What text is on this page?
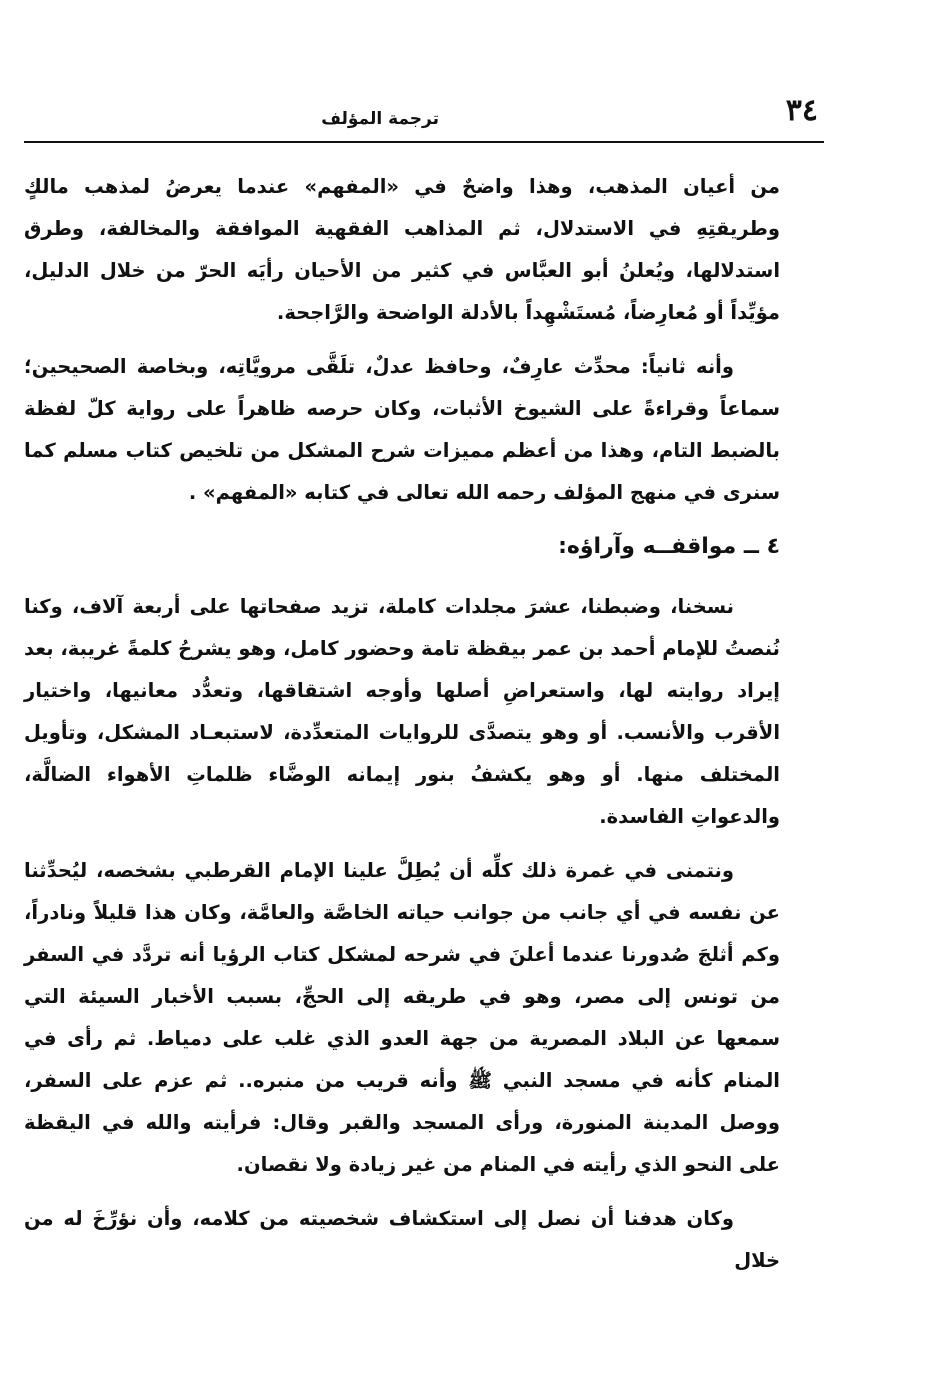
٣٤
ترجمة المؤلف

من أعيان المذهب، وهذا واضحٌ في «المفهم» عندما يعرضُ لمذهب مالكٍ وطريقتِهِ في الاستدلال، ثم المذاهب الفقهية الموافقة والمخالفة، وطرق استدلالها، ويُعلنُ أبو العبَّاس في كثير من الأحيان رأيَه الحرّ من خلال الدليل، مؤيِّداً أو مُعارِضاً، مُستَشْهِداً بالأدلة الواضحة والرَّاجحة.

وأنه ثانياً: محدِّث عارِفٌ، وحافظ عدلٌ، تلَقَّى مرويَّاتِه، وبخاصة الصحيحين؛ سماعاً وقراءةً على الشيوخ الأثبات، وكان حرصه ظاهراً على رواية كلّ لفظة بالضبط التام، وهذا من أعظم مميزات شرح المشكل من تلخيص كتاب مسلم كما سنرى في منهج المؤلف رحمه الله تعالى في كتابه «المفهم» .

٤ ــ مواقفــه وآراؤه:

نسخنا، وضبطنا، عشرَ مجلدات كاملة، تزيد صفحاتها على أربعة آلاف، وكنا نُنصتُ للإمام أحمد بن عمر بيقظة تامة وحضور كامل، وهو يشرحُ كلمةً غريبة، بعد إيراد روايته لها، واستعراضِ أصلها وأوجه اشتقاقها، وتعدُّد معانيها، واختيار الأقرب والأنسب. أو وهو يتصدَّى للروايات المتعدِّدة، لاستبعـاد المشكل، وتأويل المختلف منها. أو وهو يكشفُ بنور إيمانه الوضَّاء ظلماتِ الأهواء الضالَّة، والدعواتِ الفاسدة.

ونتمنى في غمرة ذلك كلِّه أن يُطِلَّ علينا الإمام القرطبي بشخصه، ليُحدِّثنا عن نفسه في أي جانب من جوانب حياته الخاصَّة والعامَّة، وكان هذا قليلاً ونادراً، وكم أثلجَ صُدورنا عندما أعلنَ في شرحه لمشكل كتاب الرؤيا أنه تردَّد في السفر من تونس إلى مصر، وهو في طريقه إلى الحجِّ، بسبب الأخبار السيئة التي سمعها عن البلاد المصرية من جهة العدو الذي غلب على دمياط. ثم رأى في المنام كأنه في مسجد النبي ﷺ وأنه قريب من منبره.. ثم عزم على السفر، ووصل المدينة المنورة، ورأى المسجد والقبر وقال: فرأيته والله في اليقظة على النحو الذي رأيته في المنام من غير زيادة ولا نقصان.

وكان هدفنا أن نصل إلى استكشاف شخصيته من كلامه، وأن نؤرِّخَ له من خلال
